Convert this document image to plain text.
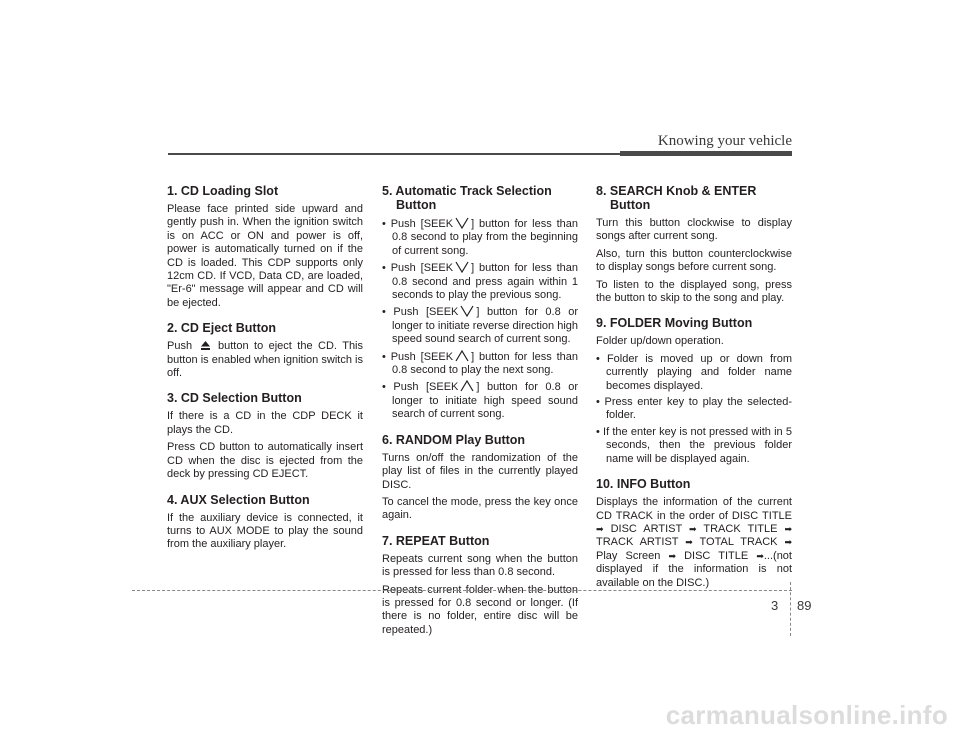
Knowing your vehicle
1. CD Loading Slot

Please face printed side upward and gently push in. When the ignition switch is on ACC or ON and power is off, power is automatically turned on if the CD is loaded. This CDP supports only 12cm CD. If VCD, Data CD, are loaded, "Er-6" message will appear and CD will be ejected.

2. CD Eject Button

Push button to eject the CD. This button is enabled when ignition switch is off.

3. CD Selection Button

If there is a CD in the CDP DECK it plays the CD.

Press CD button to automatically insert CD when the disc is ejected from the deck by pressing CD EJECT.

4. AUX Selection Button

If the auxiliary device is connected, it turns to AUX MODE to play the sound from the auxiliary player.

5. Automatic Track Selection Button
• Push [SEEK ] button for less than 0.8 second to play from the beginning of current song.
• Push [SEEK ] button for less than 0.8 second and press again within 1 seconds to play the previous song.
• Push [SEEK ] button for 0.8 or longer to initiate reverse direction high speed sound search of current song.
• Push [SEEK ] button for less than 0.8 second to play the next song.
• Push [SEEK ] button for 0.8 or longer to initiate high speed sound search of current song.
6. RANDOM Play Button

Turns on/off the randomization of the play list of files in the currently played DISC.

To cancel the mode, press the key once again.

7. REPEAT Button

Repeats current song when the button is pressed for less than 0.8 second.

Repeats current folder when the button is pressed for 0.8 second or longer. (If there is no folder, entire disc will be repeated.)

8. SEARCH Knob & ENTER Button

Turn this button clockwise to display songs after current song.

Also, turn this button counterclockwise to display songs before current song.

To listen to the displayed song, press the button to skip to the song and play.

9. FOLDER Moving Button

Folder up/down operation.

• Folder is moved up or down from currently playing and folder name becomes displayed.
• Press enter key to play the selected-folder.
• If the enter key is not pressed with in 5 seconds, then the previous folder name will be displayed again.
10. INFO Button

Displays the information of the current CD TRACK in the order of DISC TITLE ➡ DISC ARTIST ➡ TRACK TITLE ➡ TRACK ARTIST ➡ TOTAL TRACK ➡ Play Screen ➡ DISC TITLE ➡...(not displayed if the information is not available on the DISC.)

3 89
carmanualsonline.info
